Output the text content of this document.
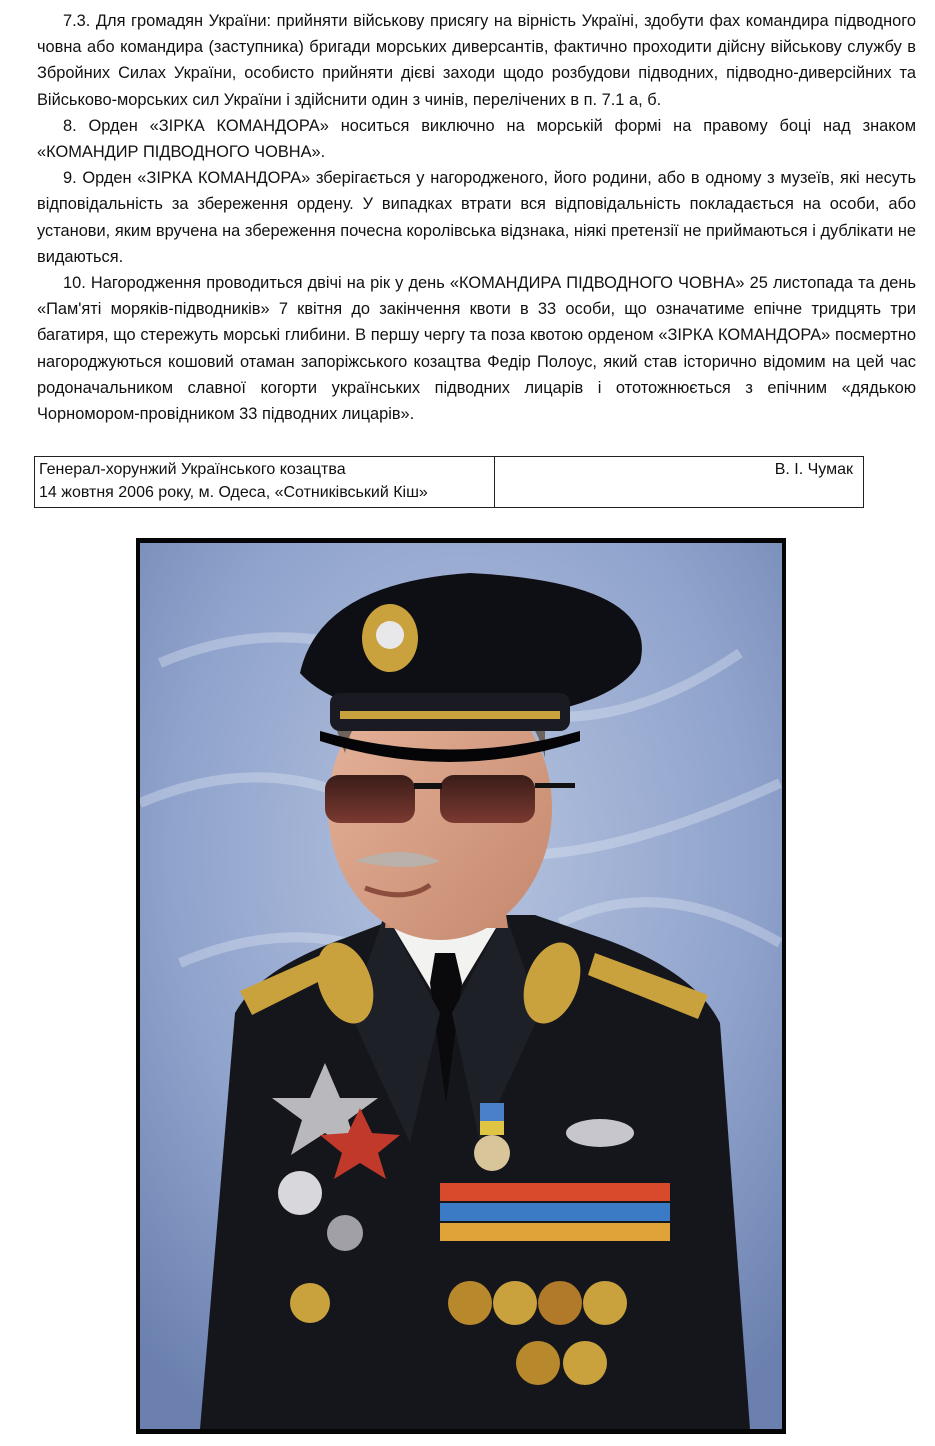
7.3. Для громадян України: прийняти військову присягу на вірність Україні, здобути фах командира підводного човна або командира (заступника) бригади морських диверсантів, фактично проходити дійсну військову службу в Збройних Силах України, особисто прийняти дієві заходи щодо розбудови підводних, підводно-диверсійних та Військово-морських сил України і здійснити один з чинів, перелічених в п. 7.1 а, б.

8. Орден «ЗІРКА КОМАНДОРА» носиться виключно на морській формі на правому боці над знаком «КОМАНДИР ПІДВОДНОГО ЧОВНА».

9. Орден «ЗІРКА КОМАНДОРА» зберігається у нагородженого, його родини, або в одному з музеїв, які несуть відповідальність за збереження ордену. У випадках втрати вся відповідальність покладається на особи, або установи, яким вручена на збереження почесна королівська відзнака, ніякі претензії не приймаються і дублікати не видаються.

10. Нагородження проводиться двічі на рік у день «КОМАНДИРА ПІДВОДНОГО ЧОВНА» 25 листопада та день «Пам'яті моряків-підводників» 7 квітня до закінчення квоти в 33 особи, що означатиме епічне тридцять три багатиря, що стережуть морські глибини. В першу чергу та поза квотою орденом «ЗІРКА КОМАНДОРА» посмертно нагороджуються кошовий отаман запоріжського козацтва Федір Полоус, який став історично відомим на цей час родоначальником славної когорти українських підводних лицарів і ототожнюється з епічним «дядькою Чорномором-провідником 33 підводних лицарів».

Генерал-хорунжий Українського козацтва
14 жовтня 2006 року, м. Одеса, «Сотниківський Кіш»
В. І. Чумак
